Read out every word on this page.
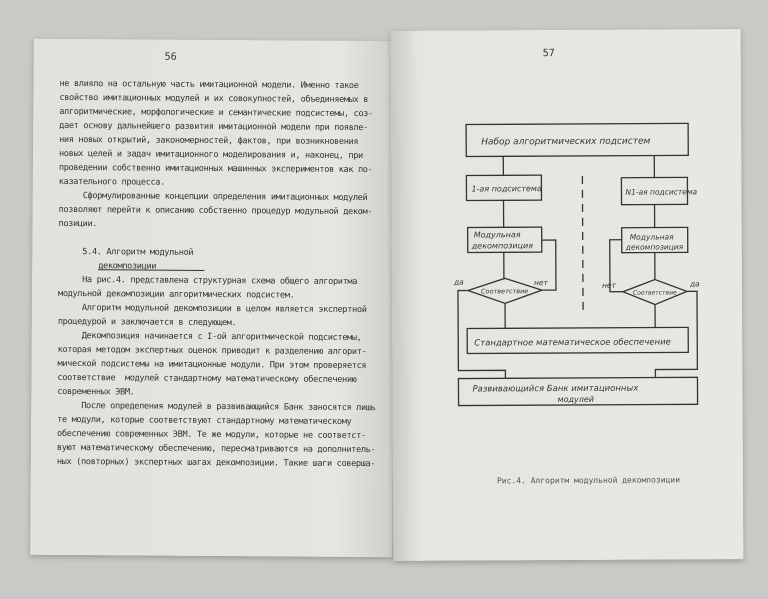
56
не влияло на остальную часть имитационной модели. Именно такое
свойство имитационных модулей и их совокупностей, объединяемых в
алгоритмические, морфологические и семантические подсистемы, соз-
дает основу дальнейшего развития имитационной модели при появле-
ния новых открытий, закономерностей, фактов, при возникновения
новых целей и задач имитационного моделирования и, наконец, при
проведении собственно имитационных машинных экспериментов как по-
казательного процесса.
Сформулированные концепции определения имитационных модулей
позволяют перейти к описанию собственно процедур модульной деком-
позиции.
5.4. Алгоритм модульной
декомпозиции
На рис.4. представлена структурная схема общего алгоритма
модульной декомпозиции алгоритмических подсистем.
Алгоритм модульной декомпозиции в целом является экспертной
процедурой и заключается в следующем.
Декомпозиция начинается с I-ой алгоритмической подсистемы,
которая методом экспертных оценок приводит к разделению алгорит-
мической подсистемы на имитационные модули. При этом проверяется
соответствие  модулей стандартному математическому обеспечению
современных ЭВМ.
После определения модулей в развивающийся Банк заносятся лишь
те модули, которые соответствуют стандартному математическому
обеспечению современных ЭВМ. Те же модули, которые не соответст-
вуют математическому обеспечению, пересматриваются на дополнитель-
ных (повторных) экспертных шагах декомпозиции. Такие шаги соверша-
57
Набор алгоритмических подсистем
1-ая подсистема	N1-ая подсистема
Модульная
декомпозиция
Модульная
декомпозиция
Соответствие	Соответствие
да	нет	нет	да
Стандартное математическое обеспечение
Развивающийся Банк имитационных
модулей
Рис.4. Алгоритм модульной декомпозиции
